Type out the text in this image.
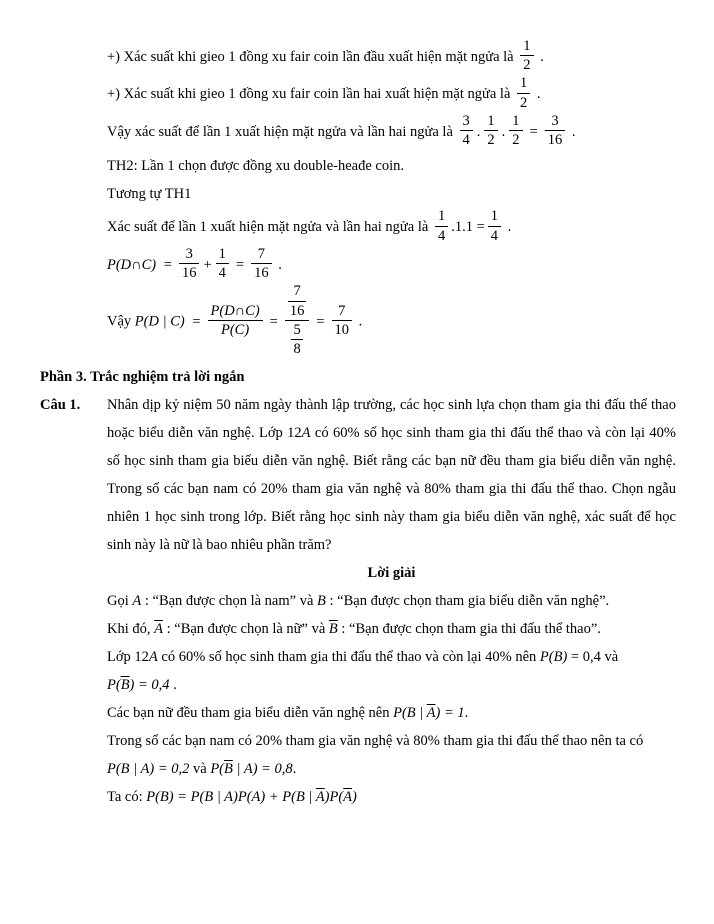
+) Xác suất khi gieo 1 đồng xu fair coin lần đầu xuất hiện mặt ngửa là $\frac{1}{2}$ .
+) Xác suất khi gieo 1 đồng xu fair coin lần hai xuất hiện mặt ngửa là $\frac{1}{2}$ .
Vậy xác suất để lần 1 xuất hiện mặt ngửa và lần hai ngửa là $\frac{3}{4}$ . $\frac{1}{2}$ . $\frac{1}{2} = \frac{3}{16}$ .
TH2: Lần 1 chọn được đồng xu double-heađe coin.
Tương tự TH1
Xác suất để lần 1 xuất hiện mặt ngửa và lần hai ngửa là $\frac{1}{4} .1.1 = \frac{1}{4}$ .
P(D∩C) = $\frac{3}{16} + \frac{1}{4} = \frac{7}{16}$ .
Vậy P(D | $C) = \frac{P(D\cap C)}{P(C)} = \frac{\frac{7}{16}}{\frac{5}{8}} = \frac{7}{10}$ .
Phần 3. Trắc nghiệm trả lời ngắn
Câu 1.	Nhân dịp kỷ niệm 50 năm ngày thành lập trường, các học sinh lựa chọn tham gia thi đấu thể thao hoặc biểu diễn văn nghệ. Lớp 12A có 60% số học sinh tham gia thi đấu thể thao và còn lại 40% số học sinh tham gia biểu diễn văn nghệ. Biết rằng các bạn nữ đều tham gia biểu diễn văn nghệ. Trong số các bạn nam có 20% tham gia văn nghệ và 80% tham gia thi đấu thể thao. Chọn ngẫu nhiên 1 học sinh trong lớp. Biết rằng học sinh này tham gia biểu diễn văn nghệ, xác suất để học sinh này là nữ là bao nhiêu phần trăm?
Lời giải
Gọi A : “Bạn được chọn là nam” và B : “Bạn được chọn tham gia biểu diễn văn nghệ”.
Khi đó, $\overline{A}$ : “Bạn được chọn là nữ” và $\overline{B}$ : “Bạn được chọn tham gia thi đấu thể thao”.
Lớp 12A có 60% số học sinh tham gia thi đấu thể thao và còn lại 40% nên P(B) = 0,4 và
$P(\overline{B}) = 0,4$ .
Các bạn nữ đều tham gia biểu diễn văn nghệ nên P(B | $\overline{A}) = 1$.
Trong số các bạn nam có 20% tham gia văn nghệ và 80% tham gia thi đấu thể thao nên ta có
P(B | A) = 0,2 và $P(\overline{B}$ | A) = 0,8.
Ta có: P(B) = P(B | A)P(A) + P(B | $\overline{A})P(\overline{A})$
